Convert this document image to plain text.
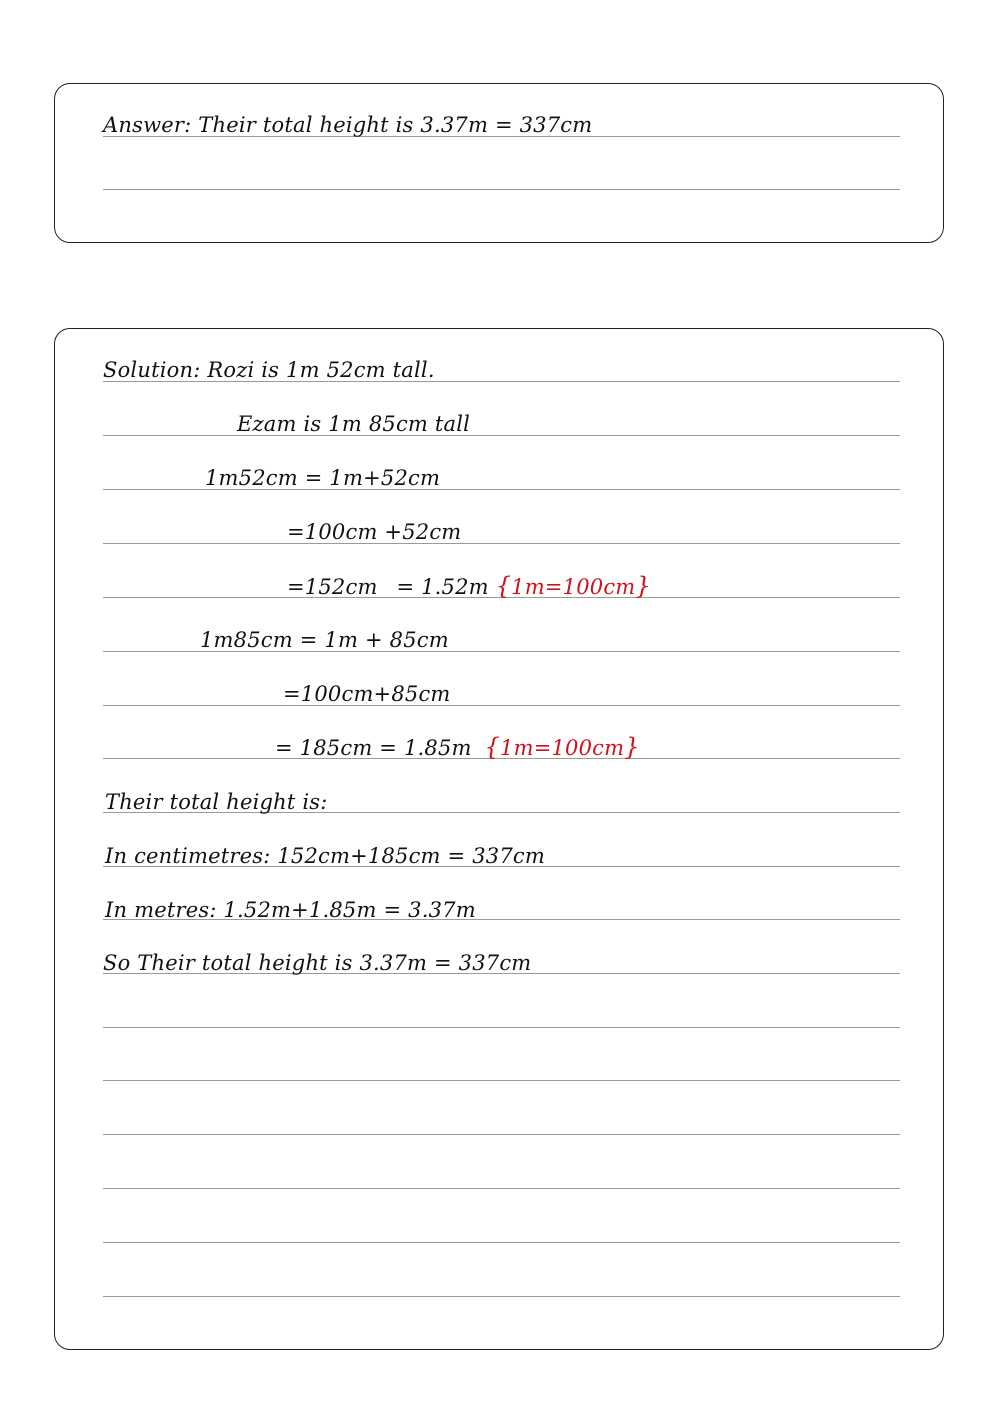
Answer: Their total height is 3.37m = 337cm
Solution: Rozi is 1m 52cm tall.
Ezam is 1m 85cm tall
1m52cm = 1m+52cm
=100cm +52cm
=152cm = 1.52m {1m=100cm}
1m85cm = 1m + 85cm
=100cm+85cm
= 185cm = 1.85m {1m=100cm}
Their total height is:
In centimetres: 152cm+185cm = 337cm
In metres: 1.52m+1.85m = 3.37m
So Their total height is 3.37m = 337cm
